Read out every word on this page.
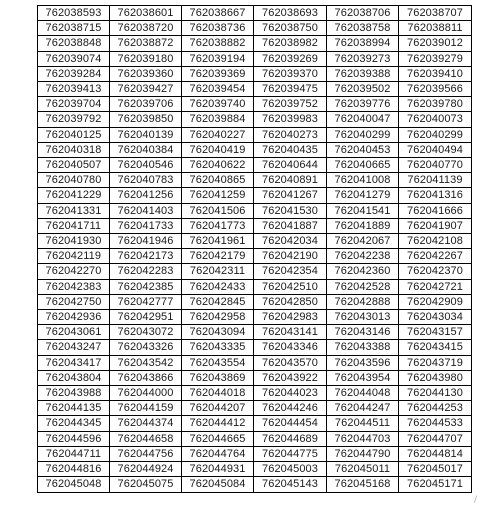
762038593	762038601	762038667	762038693	762038706	762038707
762038715	762038720	762038736	762038750	762038758	762038811
762038848	762038872	762038882	762038982	762038994	762039012
762039074	762039180	762039194	762039269	762039273	762039279
762039284	762039360	762039369	762039370	762039388	762039410
762039413	762039427	762039454	762039475	762039502	762039566
762039704	762039706	762039740	762039752	762039776	762039780
762039792	762039850	762039884	762039983	762040047	762040073
762040125	762040139	762040227	762040273	762040299	762040299
762040318	762040384	762040419	762040435	762040453	762040494
762040507	762040546	762040622	762040644	762040665	762040770
762040780	762040783	762040865	762040891	762041008	762041139
762041229	762041256	762041259	762041267	762041279	762041316
762041331	762041403	762041506	762041530	762041541	762041666
762041711	762041733	762041773	762041887	762041889	762041907
762041930	762041946	762041961	762042034	762042067	762042108
762042119	762042173	762042179	762042190	762042238	762042267
762042270	762042283	762042311	762042354	762042360	762042370
762042383	762042385	762042433	762042510	762042528	762042721
762042750	762042777	762042845	762042850	762042888	762042909
762042936	762042951	762042958	762042983	762043013	762043034
762043061	762043072	762043094	762043141	762043146	762043157
762043247	762043326	762043335	762043346	762043388	762043415
762043417	762043542	762043554	762043570	762043596	762043719
762043804	762043866	762043869	762043922	762043954	762043980
762043988	762044000	762044018	762044023	762044048	762044130
762044135	762044159	762044207	762044246	762044247	762044253
762044345	762044374	762044412	762044454	762044511	762044533
762044596	762044658	762044665	762044689	762044703	762044707
762044711	762044756	762044764	762044775	762044790	762044814
762044816	762044924	762044931	762045003	762045011	762045017
762045048	762045075	762045084	762045143	762045168	762045171
∕
